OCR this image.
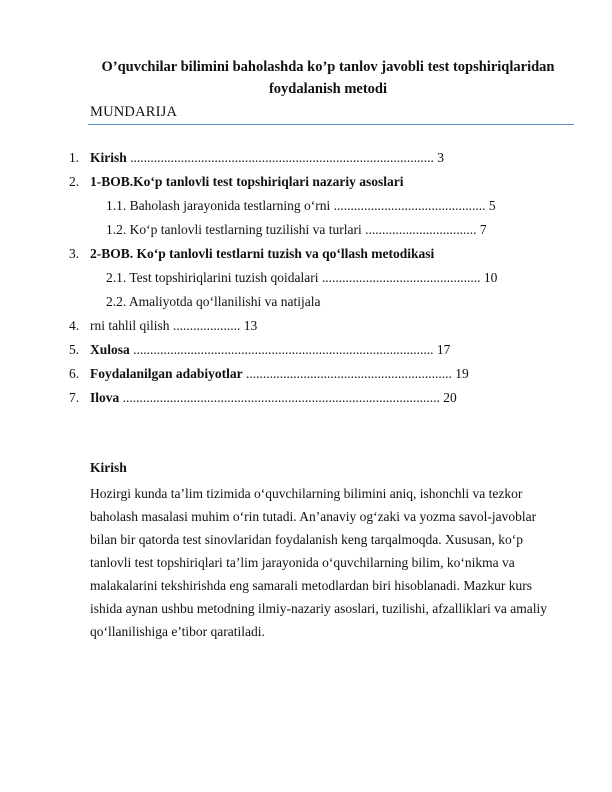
O’quvchilar bilimini baholashda ko’p tanlov javobli test topshiriqlaridan
foydalanish metodi
MUNDARIJA
1. Kirish .......................................................................................... 3
2. 1-BOB.Ko‘p tanlovli test topshiriqlari nazariy asoslari
1.1. Baholash jarayonida testlarning o‘rni ............................................. 5
1.2. Ko‘p tanlovli testlarning tuzilishi va turlari ................................. 7
3. 2-BOB. Ko‘p tanlovli testlarni tuzish va qo‘llash metodikasi
2.1. Test topshiriqlarini tuzish qoidalari ............................................... 10
2.2. Amaliyotda qo‘llanilishi va natijala
4. rni tahlil qilish .................... 13
5. Xulosa ......................................................................................... 17
6. Foydalanilgan adabiyotlar ............................................................. 19
7. Ilova .............................................................................................. 20
Kirish
Hozirgi kunda ta’lim tizimida o‘quvchilarning bilimini aniq, ishonchli va tezkor
baholash masalasi muhim o‘rin tutadi. An’anaviy og‘zaki va yozma savol-javoblar
bilan bir qatorda test sinovlaridan foydalanish keng tarqalmoqda. Xususan, ko‘p
tanlovli test topshiriqlari ta’lim jarayonida o‘quvchilarning bilim, ko‘nikma va
malakalarini tekshirishda eng samarali metodlardan biri hisoblanadi. Mazkur kurs
ishida aynan ushbu metodning ilmiy-nazariy asoslari, tuzilishi, afzalliklari va amaliy
qo‘llanilishiga e’tibor qaratiladi.
